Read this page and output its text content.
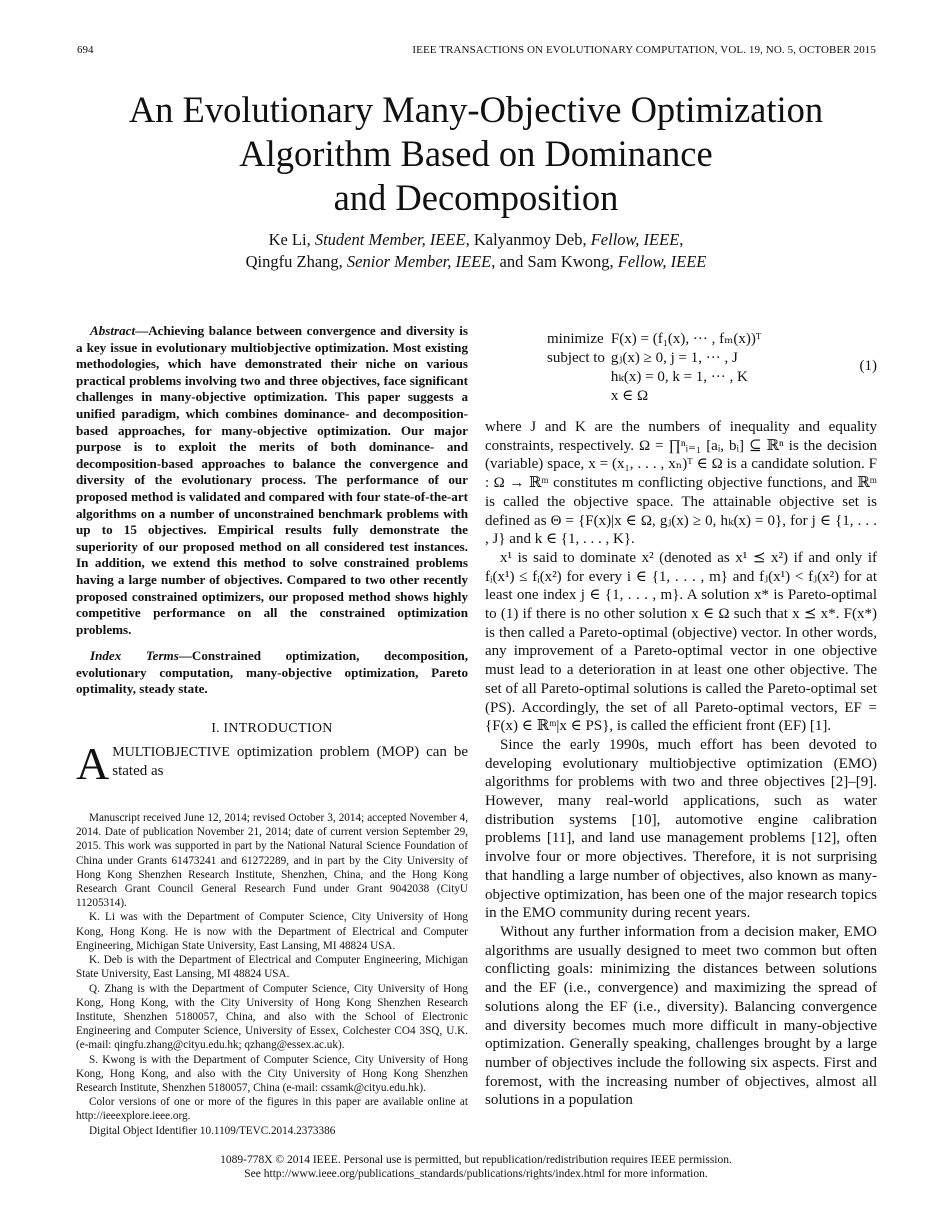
694	IEEE TRANSACTIONS ON EVOLUTIONARY COMPUTATION, VOL. 19, NO. 5, OCTOBER 2015
An Evolutionary Many-Objective Optimization
Algorithm Based on Dominance
and Decomposition
Ke Li, Student Member, IEEE, Kalyanmoy Deb, Fellow, IEEE,
Qingfu Zhang, Senior Member, IEEE, and Sam Kwong, Fellow, IEEE

Abstract—Achieving balance between convergence and diversity is a key issue in evolutionary multiobjective optimization. Most existing methodologies, which have demonstrated their niche on various practical problems involving two and three objectives, face significant challenges in many-objective optimization. This paper suggests a unified paradigm, which combines dominance- and decomposition-based approaches, for many-objective optimization. Our major purpose is to exploit the merits of both dominance- and decomposition-based approaches to balance the convergence and diversity of the evolutionary process. The performance of our proposed method is validated and compared with four state-of-the-art algorithms on a number of unconstrained benchmark problems with up to 15 objectives. Empirical results fully demonstrate the superiority of our proposed method on all considered test instances. In addition, we extend this method to solve constrained problems having a large number of objectives. Compared to two other recently proposed constrained optimizers, our proposed method shows highly competitive performance on all the constrained optimization problems.

Index Terms—Constrained optimization, decomposition, evolutionary computation, many-objective optimization, Pareto optimality, steady state.

I. INTRODUCTION

AMULTIOBJECTIVE optimization problem (MOP) can be stated as

Manuscript received June 12, 2014; revised October 3, 2014; accepted November 4, 2014. Date of publication November 21, 2014; date of current version September 29, 2015. This work was supported in part by the National Natural Science Foundation of China under Grants 61473241 and 61272289, and in part by the City University of Hong Kong Shenzhen Research Institute, Shenzhen, China, and the Hong Kong Research Grant Council General Research Fund under Grant 9042038 (CityU 11205314).

K. Li was with the Department of Computer Science, City University of Hong Kong, Hong Kong. He is now with the Department of Electrical and Computer Engineering, Michigan State University, East Lansing, MI 48824 USA.

K. Deb is with the Department of Electrical and Computer Engineering, Michigan State University, East Lansing, MI 48824 USA.

Q. Zhang is with the Department of Computer Science, City University of Hong Kong, Hong Kong, with the City University of Hong Kong Shenzhen Research Institute, Shenzhen 5180057, China, and also with the School of Electronic Engineering and Computer Science, University of Essex, Colchester CO4 3SQ, U.K. (e-mail: qingfu.zhang@cityu.edu.hk; qzhang@essex.ac.uk).

S. Kwong is with the Department of Computer Science, City University of Hong Kong, Hong Kong, and also with the City University of Hong Kong Shenzhen Research Institute, Shenzhen 5180057, China (e-mail: cssamk@cityu.edu.hk).

Color versions of one or more of the figures in this paper are available online at http://ieeexplore.ieee.org.

Digital Object Identifier 10.1109/TEVC.2014.2373386

minimize	F(x) = (f₁(x), ··· , fₘ(x))ᵀ
subject to	gⱼ(x) ≥ 0, j = 1, ··· , J
	hₖ(x) = 0, k = 1, ··· , K
	x ∈ Ω
(1)

where J and K are the numbers of inequality and equality constraints, respectively. Ω = ∏ⁿᵢ₌₁ [aᵢ, bᵢ] ⊆ ℝⁿ is the decision (variable) space, x = (x₁, . . . , xₙ)ᵀ ∈ Ω is a candidate solution. F : Ω → ℝᵐ constitutes m conflicting objective functions, and ℝᵐ is called the objective space. The attainable objective set is defined as Θ = {F(x)|x ∈ Ω, gⱼ(x) ≥ 0, hₖ(x) = 0}, for j ∈ {1, . . . , J} and k ∈ {1, . . . , K}.

x¹ is said to dominate x² (denoted as x¹ ⪯ x²) if and only if fᵢ(x¹) ≤ fᵢ(x²) for every i ∈ {1, . . . , m} and fⱼ(x¹) < fⱼ(x²) for at least one index j ∈ {1, . . . , m}. A solution x* is Pareto-optimal to (1) if there is no other solution x ∈ Ω such that x ⪯ x*. F(x*) is then called a Pareto-optimal (objective) vector. In other words, any improvement of a Pareto-optimal vector in one objective must lead to a deterioration in at least one other objective. The set of all Pareto-optimal solutions is called the Pareto-optimal set (PS). Accordingly, the set of all Pareto-optimal vectors, EF = {F(x) ∈ ℝᵐ|x ∈ PS}, is called the efficient front (EF) [1].

Since the early 1990s, much effort has been devoted to developing evolutionary multiobjective optimization (EMO) algorithms for problems with two and three objectives [2]–[9]. However, many real-world applications, such as water distribution systems [10], automotive engine calibration problems [11], and land use management problems [12], often involve four or more objectives. Therefore, it is not surprising that handling a large number of objectives, also known as many-objective optimization, has been one of the major research topics in the EMO community during recent years.

Without any further information from a decision maker, EMO algorithms are usually designed to meet two common but often conflicting goals: minimizing the distances between solutions and the EF (i.e., convergence) and maximizing the spread of solutions along the EF (i.e., diversity). Balancing convergence and diversity becomes much more difficult in many-objective optimization. Generally speaking, challenges brought by a large number of objectives include the following six aspects. First and foremost, with the increasing number of objectives, almost all solutions in a population

1089-778X © 2014 IEEE. Personal use is permitted, but republication/redistribution requires IEEE permission.
See http://www.ieee.org/publications_standards/publications/rights/index.html for more information.
